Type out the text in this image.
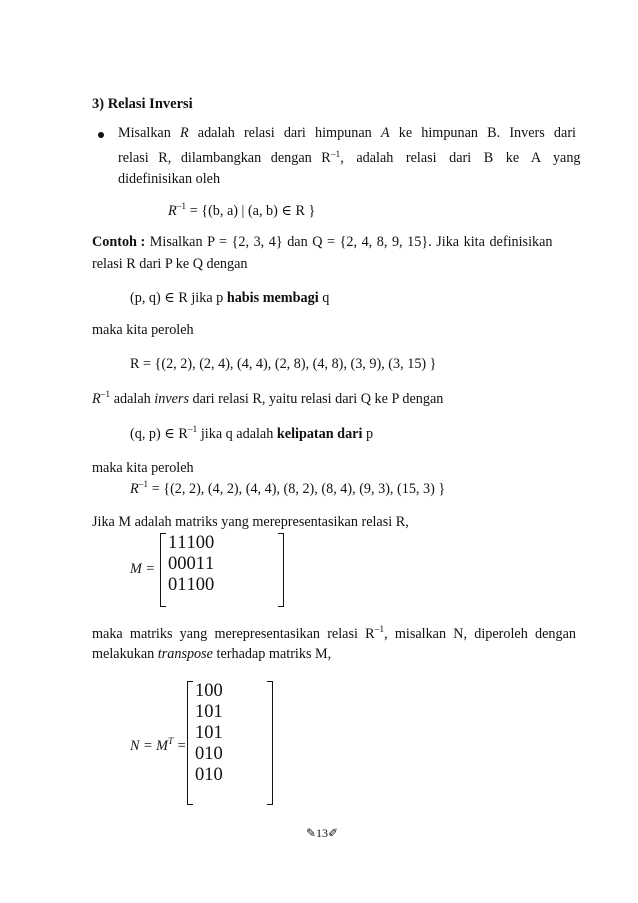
3) Relasi Inversi
Misalkan R adalah relasi dari himpunan A ke himpunan B. Invers dari
relasi R, dilambangkan dengan R –1 , adalah relasi dari B ke A yang
didefinisikan oleh
$R^{-1} = \{(b$, a) | (a, b) ∈ R }
Contoh : Misalkan P = {2, 3, 4} dan Q = {2, 4, 8, 9, 15}. Jika kita definisikan
relasi R dari P ke Q dengan
(p, q) ∈ R jika p habis membagi q
maka kita peroleh
R = {(2, 2), (2, 4), (4, 4), (2, 8), (4, 8), (3, 9), (3, 15) }
$R^{-1}$ adalah invers dari relasi R, yaitu relasi dari Q ke P dengan
(q, p) ∈ $R^{-1}$ jika q adalah kelipatan dari p
maka kita peroleh
$R^{-1} = \{(2$, 2), (4, 2), (4, 4), (8, 2), (8, 4), (9, 3), (15, 3) }
Jika M adalah matriks yang merepresentasikan relasi R,
M =
1	1	1	0	0
0	0	0	1	1
0	1	1	0	0
maka matriks yang merepresentasikan relasi $R^{-1}$, misalkan N, diperoleh dengan
melakukan transpose terhadap matriks M,
$N = M^T$ =
1	0	0
1	0	1
1	0	1
0	1	0
0	1	0
✎13✐
